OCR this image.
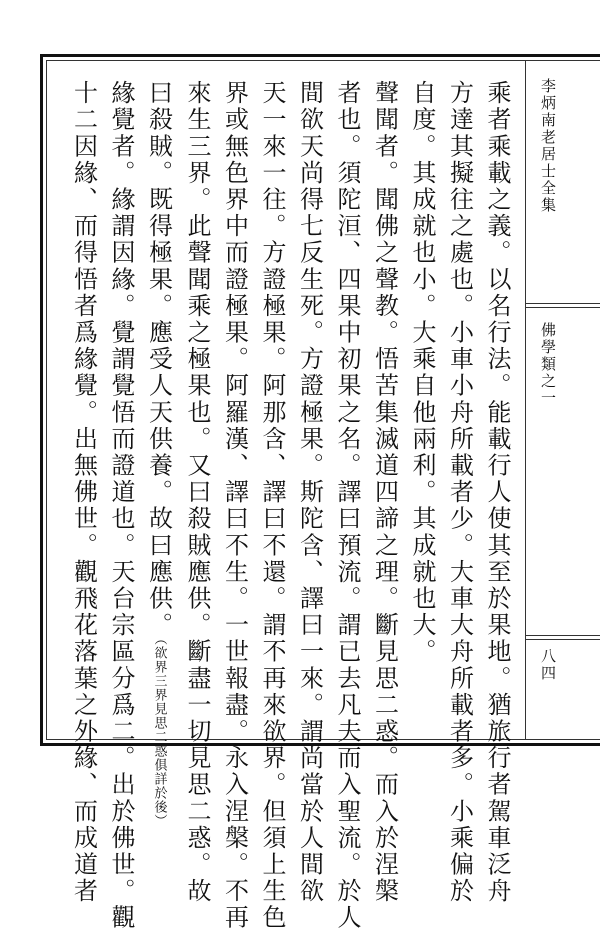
李炳南老居士全集
佛學類之一
八四
乘者乘載之義。以名行法。能載行人使其至於果地。猶旅行者駕車泛舟
方達其擬往之處也。小車小舟所載者少。大車大舟所載者多。小乘偏於
自度。其成就也小。大乘自他兩利。其成就也大。
聲聞者。聞佛之聲教。悟苦集滅道四諦之理。斷見思二惑。而入於涅槃
者也。須陀洹、四果中初果之名。譯曰預流。謂已去凡夫而入聖流。於人
間欲天尚得七反生死。方證極果。斯陀含、譯曰一來。謂尚當於人間欲
天一來一往。方證極果。阿那含、譯曰不還。謂不再來欲界。但須上生色
界或無色界中而證極果。阿羅漢、譯曰不生。一世報盡。永入涅槃。不再
來生三界。此聲聞乘之極果也。又曰殺賊應供。斷盡一切見思二惑。故
曰殺賊。既得極果。應受人天供養。故曰應供。（欲界三界見思二惑俱詳於後）
緣覺者。緣謂因緣。覺謂覺悟而證道也。天台宗區分爲二。出於佛世。觀
十二因緣、而得悟者爲緣覺。出無佛世。觀飛花落葉之外緣、而成道者
